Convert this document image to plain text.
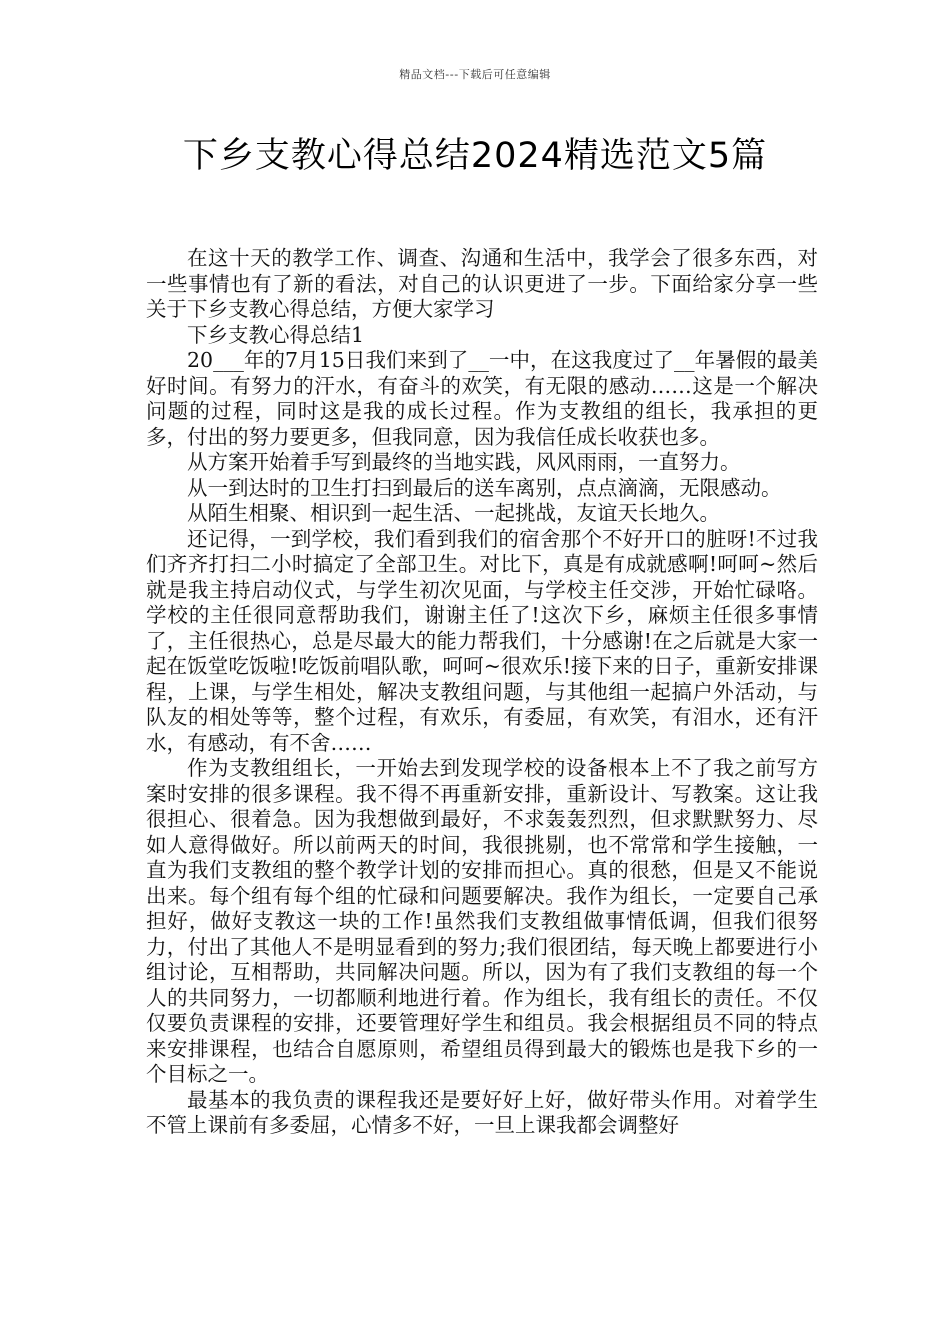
精品文档---下载后可任意编辑
下乡支教心得总结2024精选范文5篇

在这十天的教学工作、调查、沟通和生活中，我学会了很多东西，对一些事情也有了新的看法，对自己的认识更进了一步。下面给家分享一些关于下乡支教心得总结，方便大家学习

下乡支教心得总结1

20___年的7月15日我们来到了__一中，在这我度过了__年暑假的最美好时间。有努力的汗水，有奋斗的欢笑，有无限的感动……这是一个解决问题的过程，同时这是我的成长过程。作为支教组的组长，我承担的更多，付出的努力要更多，但我同意，因为我信任成长收获也多。

从方案开始着手写到最终的当地实践，风风雨雨，一直努力。

从一到达时的卫生打扫到最后的送车离别，点点滴滴，无限感动。

从陌生相聚、相识到一起生活、一起挑战，友谊天长地久。

还记得，一到学校，我们看到我们的宿舍那个不好开口的脏呀!不过我们齐齐打扫二小时搞定了全部卫生。对比下，真是有成就感啊!呵呵~然后就是我主持启动仪式，与学生初次见面，与学校主任交涉，开始忙碌咯。学校的主任很同意帮助我们，谢谢主任了!这次下乡，麻烦主任很多事情了，主任很热心，总是尽最大的能力帮我们，十分感谢!在之后就是大家一起在饭堂吃饭啦!吃饭前唱队歌，呵呵~很欢乐!接下来的日子，重新安排课程，上课，与学生相处，解决支教组问题，与其他组一起搞户外活动，与队友的相处等等，整个过程，有欢乐，有委屈，有欢笑，有泪水，还有汗水，有感动，有不舍……

作为支教组组长，一开始去到发现学校的设备根本上不了我之前写方案时安排的很多课程。我不得不再重新安排，重新设计、写教案。这让我很担心、很着急。因为我想做到最好，不求轰轰烈烈，但求默默努力、尽如人意得做好。所以前两天的时间，我很挑剔，也不常常和学生接触，一直为我们支教组的整个教学计划的安排而担心。真的很愁，但是又不能说出来。每个组有每个组的忙碌和问题要解决。我作为组长，一定要自己承担好，做好支教这一块的工作!虽然我们支教组做事情低调，但我们很努力，付出了其他人不是明显看到的努力;我们很团结，每天晚上都要进行小组讨论，互相帮助，共同解决问题。所以，因为有了我们支教组的每一个人的共同努力，一切都顺利地进行着。作为组长，我有组长的责任。不仅仅要负责课程的安排，还要管理好学生和组员。我会根据组员不同的特点来安排课程，也结合自愿原则，希望组员得到最大的锻炼也是我下乡的一个目标之一。

最基本的我负责的课程我还是要好好上好，做好带头作用。对着学生不管上课前有多委屈，心情多不好，一旦上课我都会调整好
